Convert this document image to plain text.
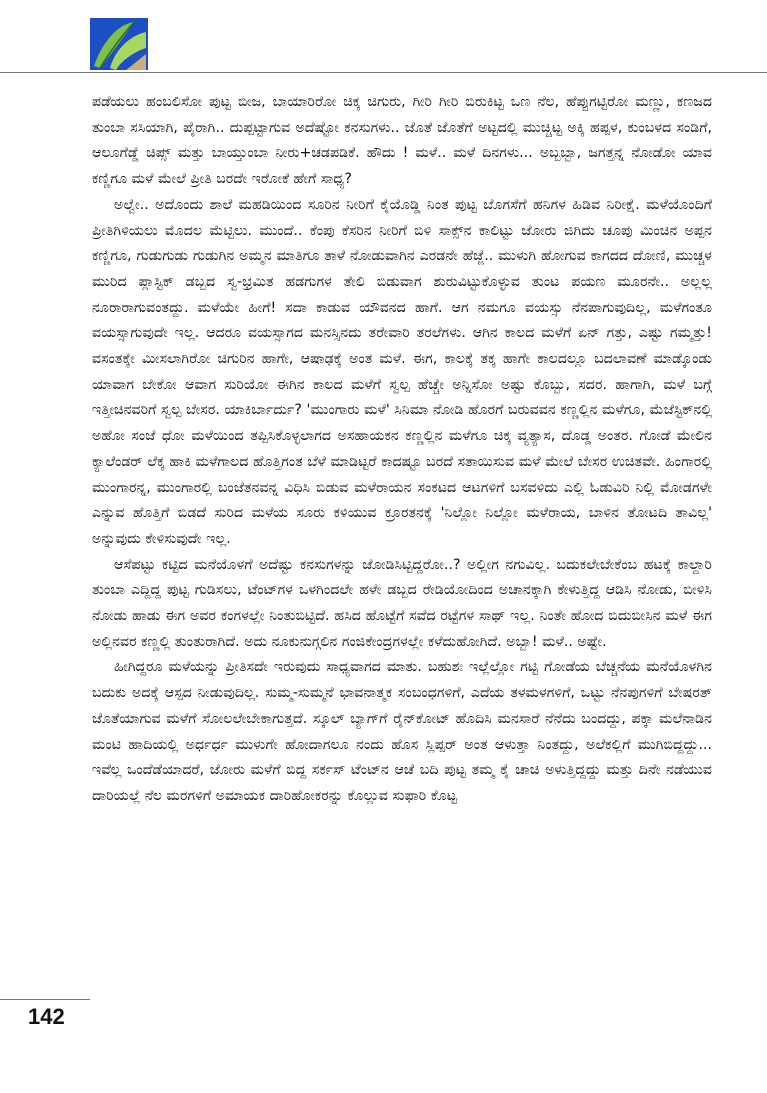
ಪಡೆಯಲು ಹಂಬಲಿಸೋ ಪುಟ್ಟ ಬೀಜ, ಬಾಯಾರಿರೋ ಚಿಕ್ಕ ಚಿಗುರು, ಗೀರಿ ಗೀರಿ ಬಿರುಕಿಟ್ಟ ಒಣ ನೆಲ, ಹೆಪ್ಪುಗಟ್ಟಿರೋ ಮಣ್ಣು, ಕಣಜದ ತುಂಬಾ ಸಸಿಯಾಗಿ, ಪೈರಾಗಿ.. ದುಪ್ಪಟ್ಟಾಗುವ ಅದೆಷ್ಟೋ ಕನಸುಗಳು.. ಜೊತೆ ಜೊತೆಗೆ ಅಟ್ಟದಲ್ಲಿ ಮುಚ್ಚಿಟ್ಟ ಅಕ್ಕಿ ಹಪ್ಪಳ, ಕುಂಬಳದ ಸಂಡಿಗೆ, ಆಲೂಗೆಡ್ಡೆ ಚಿಪ್ಸ್ ಮತ್ತು ಬಾಯ್ತುಂಬಾ ನೀರು+ಚಡಪಡಿಕೆ. ಹೌದು ! ಮಳೆ.. ಮಳೆ ದಿನಗಳು... ಅಬ್ಬಬ್ಬಾ, ಜಗತ್ತನ್ನ ನೋಡೋ ಯಾವ ಕಣ್ಣಿಗೂ ಮಳೆ ಮೇಲೆ ಪ್ರೀತಿ ಬರದೇ ಇರೋಕೆ ಹೇಗೆ ಸಾಧ್ಯ?

ಅಲ್ವೇ.. ಅದೊಂದು ಶಾಲೆ ಮಹಡಿಯಿಂದ ಸೂರಿನ ನೀರಿಗೆ ಕೈಯೊಡ್ಡಿ ನಿಂತ ಪುಟ್ಟ ಬೊಗಸೆಗೆ ಹನಿಗಳ ಹಿಡಿವ ನಿರೀಕ್ಷೆ. ಮಳೆಯೊಂದಿಗೆ ಪ್ರೀತಿಗಿಳಿಯಲು ಮೊದಲ ಮೆಟ್ಟಿಲು. ಮುಂದೆ.. ಕೆಂಪು ಕೆಸರಿನ ನೀರಿಗೆ ಬಿಳಿ ಸಾಕ್ಸ್‌ನ ಕಾಲಿಟ್ಟು ಜೋರು ಜಿಗಿದು ಚೂಪು ಮಿಂಚಿನ ಅಪ್ಪನ ಕಣ್ಣಿಗೂ, ಗುಡುಗುಡು ಗುಡುಗಿನ ಅಮ್ಮನ ಮಾತಿಗೂ ತಾಳೆ ನೋಡುವಾಗಿನ ಎರಡನೇ ಹೆಜ್ಜೆ.. ಮುಳುಗಿ ಹೋಗುವ ಕಾಗದದ ದೋಣಿ, ಮುಚ್ಚಳ ಮುರಿದ ಪ್ಲಾಸ್ಟಿಕ್ ಡಬ್ಬದ ಸ್ವ-ಭ್ರಮಿತ ಹಡಗುಗಳ ತೇಲಿ ಬಿಡುವಾಗ ಶುರುವಿಟ್ಟುಕೊಳ್ಳುವ ತುಂಟ ಪಯಣ ಮೂರನೇ.. ಅಲ್ಲಲ್ಲ ನೂರಾರಾಗುವಂತದ್ದು. ಮಳೆಯೇ ಹೀಗೆ! ಸದಾ ಕಾಡುವ ಯೌವನದ ಹಾಗೆ. ಆಗ ನಮಗೂ ವಯಸ್ಸು ನೆನಪಾಗುವುದಿಲ್ಲ, ಮಳೆಗಂತೂ ವಯಸ್ಸಾಗುವುದೇ ಇಲ್ಲ. ಆದರೂ ವಯಸ್ಸಾಗದ ಮನಸ್ಸಿನದು ತರೇವಾರಿ ತರಲೆಗಳು. ಆಗಿನ ಕಾಲದ ಮಳೆಗೆ ಏನ್ ಗತ್ತು, ಎಷ್ಟು ಗಮ್ಮತ್ತು! ವಸಂತಕ್ಕೇ ಮೀಸಲಾಗಿರೋ ಚಿಗುರಿನ ಹಾಗೇ, ಆಷಾಢಕ್ಕೆ ಅಂತ ಮಳೆ. ಈಗ, ಕಾಲಕ್ಕೆ ತಕ್ಕ ಹಾಗೇ ಕಾಲದಲ್ಲೂ ಬದಲಾವಣೆ ಮಾಡ್ಕೊಂಡು ಯಾವಾಗ ಬೇಕೋ ಆವಾಗ ಸುರಿಯೋ ಈಗಿನ ಕಾಲದ ಮಳೆಗೆ ಸ್ವಲ್ಪ ಹೆಚ್ಚೇ ಅನ್ನಿಸೋ ಅಷ್ಟು ಕೊಬ್ಬು, ಸದರ. ಹಾಗಾಗಿ, ಮಳೆ ಬಗ್ಗೆ ಇತ್ತೀಚಿನವರಿಗೆ ಸ್ವಲ್ಪ ಬೇಸರ. ಯಾಕಿರ್ಬಾರ್ದು? 'ಮುಂಗಾರು ಮಳೆ' ಸಿನಿಮಾ ನೋಡಿ ಹೊರಗೆ ಬರುವವನ ಕಣ್ಣಲ್ಲಿನ ಮಳೆಗೂ, ಮೆಜೆಸ್ಟಿಕ್‌ನಲ್ಲಿ ಅಹೋ ಸಂಜೆ ಧೋ ಮಳೆಯಿಂದ ತಪ್ಪಿಸಿಕೊಳ್ಳಲಾಗದ ಅಸಹಾಯಕನ ಕಣ್ಣಲ್ಲಿನ ಮಳೆಗೂ ಚಿಕ್ಕ ವ್ಯತ್ಯಾಸ, ದೊಡ್ಡ ಅಂತರ. ಗೋಡೆ ಮೇಲಿನ ಕ್ಯಾಲೆಂಡರ್ ಲೆಕ್ಕ ಹಾಕಿ ಮಳೆಗಾಲದ ಹೊತ್ತಿಗಂತ ಬೆಳೆ ಮಾಡಿಟ್ಟರೆ ಕಾದಷ್ಟೂ ಬರದೆ ಸತಾಯಿಸುವ ಮಳೆ ಮೇಲೆ ಬೇಸರ ಉಚಿತವೇ. ಹಿಂಗಾರಲ್ಲಿ ಮುಂಗಾರನ್ನ, ಮುಂಗಾರಲ್ಲಿ ಬಂಜೆತನವನ್ನ ವಿಧಿಸಿ ಬಿಡುವ ಮಳೆರಾಯನ ಸಂಕಟದ ಆಟಗಳಿಗೆ ಬಸವಳಿದು ಎಲ್ಲಿ ಓಡುವಿರಿ ನಿಲ್ಲಿ ಮೋಡಗಳೇ ಎನ್ನುವ ಹೊತ್ತಿಗೆ ಬಿಡದೆ ಸುರಿದ ಮಳೆಯ ಸೂರು ಕಳಿಯುವ ಕ್ರೂರತನಕ್ಕೆ 'ನಿಲ್ಲೋ ನಿಲ್ಲೋ ಮಳೆರಾಯ, ಬಾಳಿನ ತೋಟದಿ ತಾವಿಲ್ಲ' ಅನ್ನುವುದು ಕೇಳಿಸುವುದೇ ಇಲ್ಲ.

ಆಸೆಪಟ್ಟು ಕಟ್ಟಿದ ಮನೆಯೊಳಗೆ ಅದೆಷ್ಟು ಕನಸುಗಳನ್ನು ಜೋಡಿಸಿಟ್ಟಿದ್ದರೋ..? ಅಲ್ಲೀಗ ನಗುವಿಲ್ಲ. ಬದುಕಲೇಬೇಕೆಂಬ ಹಟಕ್ಕೆ ಕಾಲ್ದಾರಿ ತುಂಬಾ ಎದ್ದಿದ್ದ ಪುಟ್ಟ ಗುಡಿಸಲು, ಟೆಂಟ್‌ಗಳ ಒಳಗಿಂದಲೇ ಹಳೇ ಡಬ್ಬದ ರೇಡಿಯೋದಿಂದ ಅಚಾನಕ್ಕಾಗಿ ಕೇಳುತ್ತಿದ್ದ ಆಡಿಸಿ ನೋಡು, ಬೀಳಿಸಿ ನೋಡು ಹಾಡು ಈಗ ಅವರ ಕಂಗಳಲ್ಲೇ ನಿಂತುಬಿಟ್ಟಿದೆ. ಹಸಿದ ಹೊಟ್ಟೆಗೆ ಸವೆದ ರಟ್ಟೆಗಳ ಸಾಥ್ ಇಲ್ಲ. ನಿಂತೇ ಹೋದ ಬಿದುಬೀಸಿನ ಮಳೆ ಈಗ ಅಲ್ಲಿನವರ ಕಣ್ಣಲ್ಲಿ ತುಂತುರಾಗಿದೆ. ಅದು ನೂಕುನುಗ್ಗಲಿನ ಗಂಜಿಕೇಂದ್ರಗಳಲ್ಲೇ ಕಳೆದುಹೋಗಿದೆ. ಅಬ್ಬಾ! ಮಳೆ.. ಅಷ್ಟೇ.

ಹೀಗಿದ್ದರೂ ಮಳೆಯನ್ನು ಪ್ರೀತಿಸದೇ ಇರುವುದು ಸಾಧ್ಯವಾಗದ ಮಾತು. ಬಹುಶಃ ಇಲ್ಲೆಲ್ಲೋ ಗಟ್ಟಿ ಗೋಡೆಯ ಬೆಚ್ಚನೆಯ ಮನೆಯೊಳಗಿನ ಬದುಕು ಅದಕ್ಕೆ ಆಸ್ಪದ ನೀಡುವುದಿಲ್ಲ. ಸುಮ್ಮ-ಸುಮ್ಮನೆ ಭಾವನಾತ್ಮಕ ಸಂಬಂಧಗಳಿಗೆ, ಎದೆಯ ತಳಮಳಗಳಿಗೆ, ಒಟ್ಟು ನೆನಪುಗಳಿಗೆ ಬೇಷರತ್ ಜೊತೆಯಾಗುವ ಮಳೆಗೆ ಸೋಲಲೇಬೇಕಾಗುತ್ತದೆ. ಸ್ಕೂಲ್ ಬ್ಯಾಗ್‌ಗೆ ರೈನ್‌ಕೋಟ್ ಹೊದಿಸಿ ಮನಸಾರೆ ನೆನೆದು ಬಂದದ್ದು, ಪಕ್ಕಾ ಮಲೆನಾಡಿನ ಮಂಟಿ ಹಾದಿಯಲ್ಲಿ ಅರ್ಧರ್ಧ ಮುಳುಗೇ ಹೋದಾಗಲೂ ನಂದು ಹೊಸ ಸ್ಲಿಪ್ಪರ್ ಅಂತ ಆಳುತ್ತಾ ನಿಂತದ್ದು, ಅಲೆಕಲ್ಲಿಗೆ ಮುಗಿಬಿದ್ದದ್ದು... ಇವೆಲ್ಲ ಒಂದೆಡೆಯಾದರೆ, ಜೋರು ಮಳೆಗೆ ಬಿದ್ದ ಸರ್ಕಸ್ ಟೆಂಟ್‌ನ ಆಚೆ ಬದಿ ಪುಟ್ಟ ತಮ್ಮ ಕೈ ಚಾಚಿ ಅಳುತ್ತಿದ್ದದ್ದು ಮತ್ತು ದಿನೇ ನಡೆಯುವ ದಾರಿಯಲ್ಲೆ ನೆಲ ಮರಗಳಿಗೆ ಅಮಾಯಕ ದಾರಿಹೋಕರನ್ನು ಕೊಲ್ಲುವ ಸುಫಾರಿ ಕೊಟ್ಟ

142
